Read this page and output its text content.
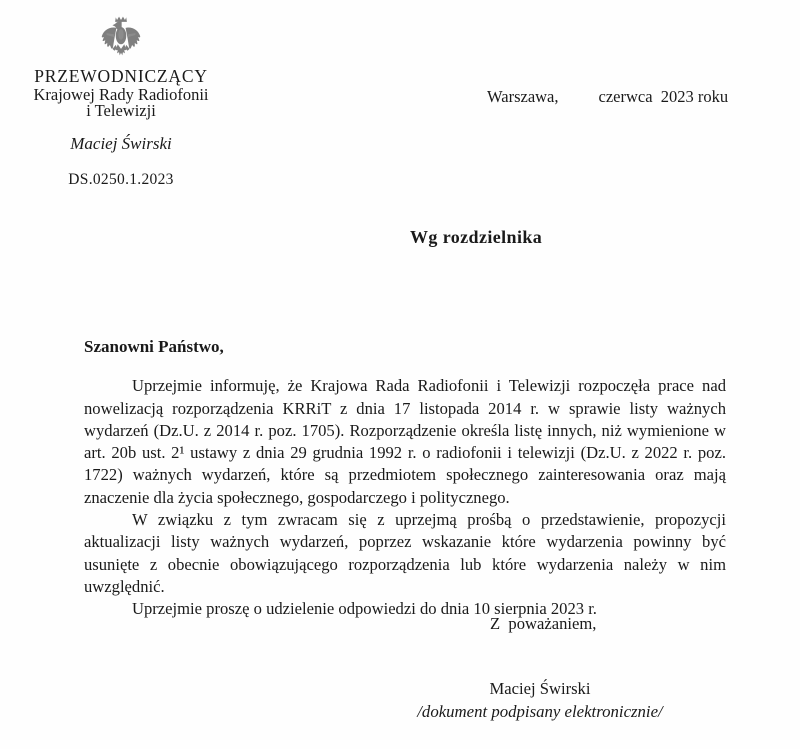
PRZEWODNICZĄCY
Krajowej Rady Radiofonii
i Telewizji
Maciej Świrski
DS.0250.1.2023
Warszawa, czerwca  2023 roku
Wg rozdzielnika
Szanowni Państwo,

Uprzejmie informuję, że Krajowa Rada Radiofonii i Telewizji rozpoczęła prace nad nowelizacją rozporządzenia KRRiT z dnia 17 listopada 2014 r. w sprawie listy ważnych wydarzeń (Dz.U. z 2014 r. poz. 1705). Rozporządzenie określa listę innych, niż wymienione w art. 20b ust. 2¹ ustawy z dnia 29 grudnia 1992 r. o radiofonii i telewizji (Dz.U. z 2022 r. poz. 1722) ważnych wydarzeń, które są przedmiotem społecznego zainteresowania oraz mają znaczenie dla życia społecznego, gospodarczego i politycznego.

W związku z tym zwracam się z uprzejmą prośbą o przedstawienie, propozycji aktualizacji listy ważnych wydarzeń, poprzez wskazanie które wydarzenia powinny być usunięte z obecnie obowiązującego rozporządzenia lub które wydarzenia należy w nim uwzględnić.

Uprzejmie proszę o udzielenie odpowiedzi do dnia 10 sierpnia 2023 r.

Z  poważaniem,
Maciej Świrski
/dokument podpisany elektronicznie/
